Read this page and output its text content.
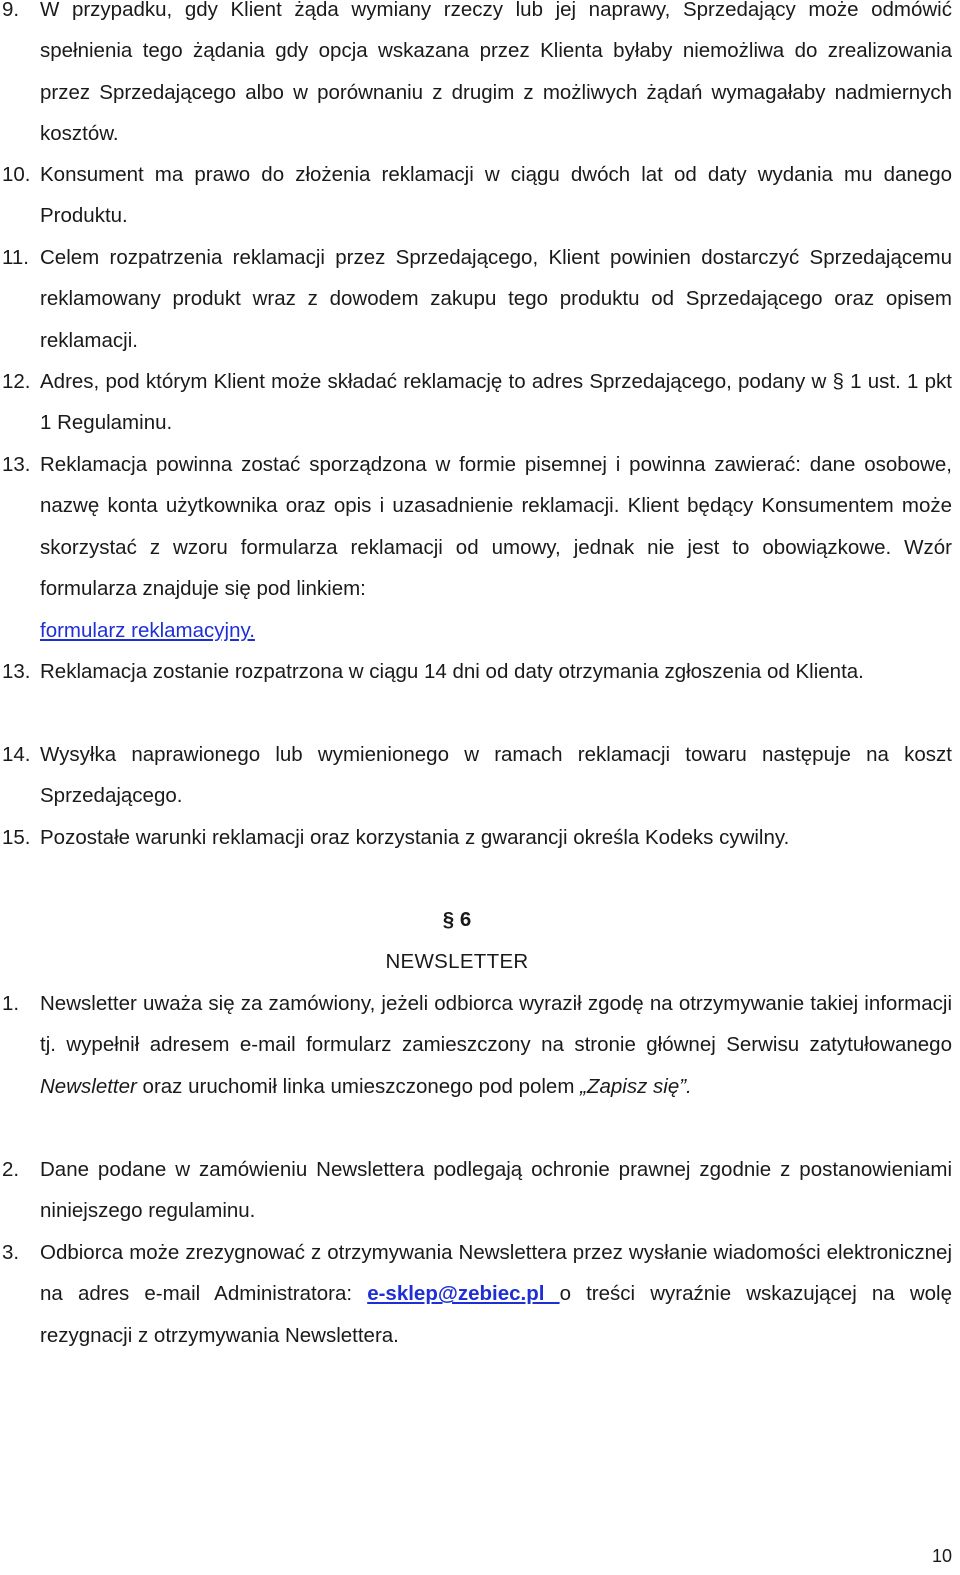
9. W przypadku, gdy Klient żąda wymiany rzeczy lub jej naprawy, Sprzedający może odmówić spełnienia tego żądania gdy opcja wskazana przez Klienta byłaby niemożliwa do zrealizowania przez Sprzedającego albo w porównaniu z drugim z możliwych żądań wymagałaby nadmiernych kosztów.
10. Konsument ma prawo do złożenia reklamacji w ciągu dwóch lat od daty wydania mu danego Produktu.
11. Celem rozpatrzenia reklamacji przez Sprzedającego, Klient powinien dostarczyć Sprzedającemu reklamowany produkt wraz z dowodem zakupu tego produktu od Sprzedającego oraz opisem reklamacji.
12. Adres, pod którym Klient może składać reklamację to adres Sprzedającego, podany w § 1 ust. 1 pkt 1 Regulaminu.
13. Reklamacja powinna zostać sporządzona w formie pisemnej i powinna zawierać: dane osobowe, nazwę konta użytkownika oraz opis i uzasadnienie reklamacji. Klient będący Konsumentem może skorzystać z wzoru formularza reklamacji od umowy, jednak nie jest to obowiązkowe. Wzór formularza znajduje się pod linkiem:
formularz reklamacyjny.
13. Reklamacja zostanie rozpatrzona w ciągu 14 dni od daty otrzymania zgłoszenia od Klienta.
14. Wysyłka naprawionego lub wymienionego w ramach reklamacji towaru następuje na koszt Sprzedającego.
15. Pozostałe warunki reklamacji oraz korzystania z gwarancji określa Kodeks cywilny.
§ 6
NEWSLETTER
1. Newsletter uważa się za zamówiony, jeżeli odbiorca wyraził zgodę na otrzymywanie takiej informacji tj. wypełnił adresem e-mail formularz zamieszczony na stronie głównej Serwisu zatytułowanego Newsletter oraz uruchomił linka umieszczonego pod polem „Zapisz się”.
2. Dane podane w zamówieniu Newslettera podlegają ochronie prawnej zgodnie z postanowieniami niniejszego regulaminu.
3. Odbiorca może zrezygnować z otrzymywania Newslettera przez wysłanie wiadomości elektronicznej na adres e-mail Administratora: e-sklep@zebiec.pl o treści wyraźnie wskazującej na wolę rezygnacji z otrzymywania Newslettera.
10
